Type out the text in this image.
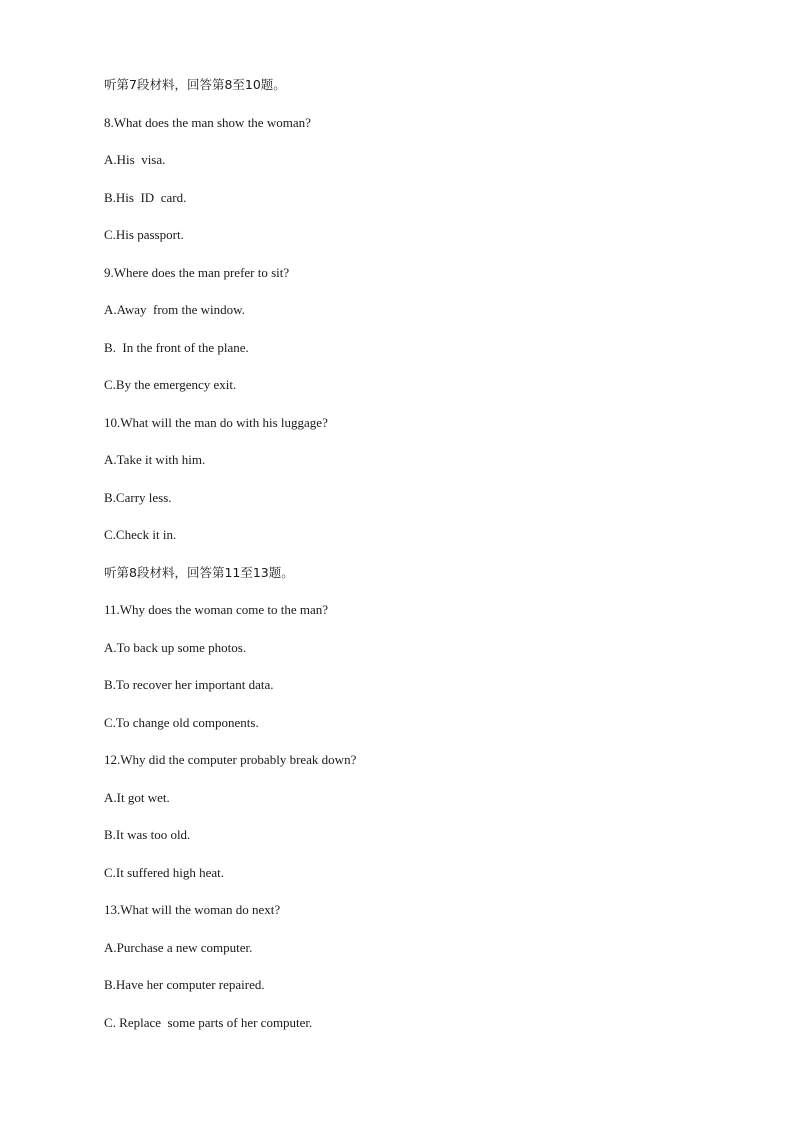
听第7段材料，回答第8至10题。
8.What does the man show the woman?
A.His  visa.
B.His  ID  card.
C.His passport.
9.Where does the man prefer to sit?
A.Away  from the window.
B.  In the front of the plane.
C.By the emergency exit.
10.What will the man do with his luggage?
A.Take it with him.
B.Carry less.
C.Check it in.
听第8段材料，回答第11至13题。
11.Why does the woman come to the man?
A.To back up some photos.
B.To recover her important data.
C.To change old components.
12.Why did the computer probably break down?
A.It got wet.
B.It was too old.
C.It suffered high heat.
13.What will the woman do next?
A.Purchase a new computer.
B.Have her computer repaired.
C. Replace  some parts of her computer.
